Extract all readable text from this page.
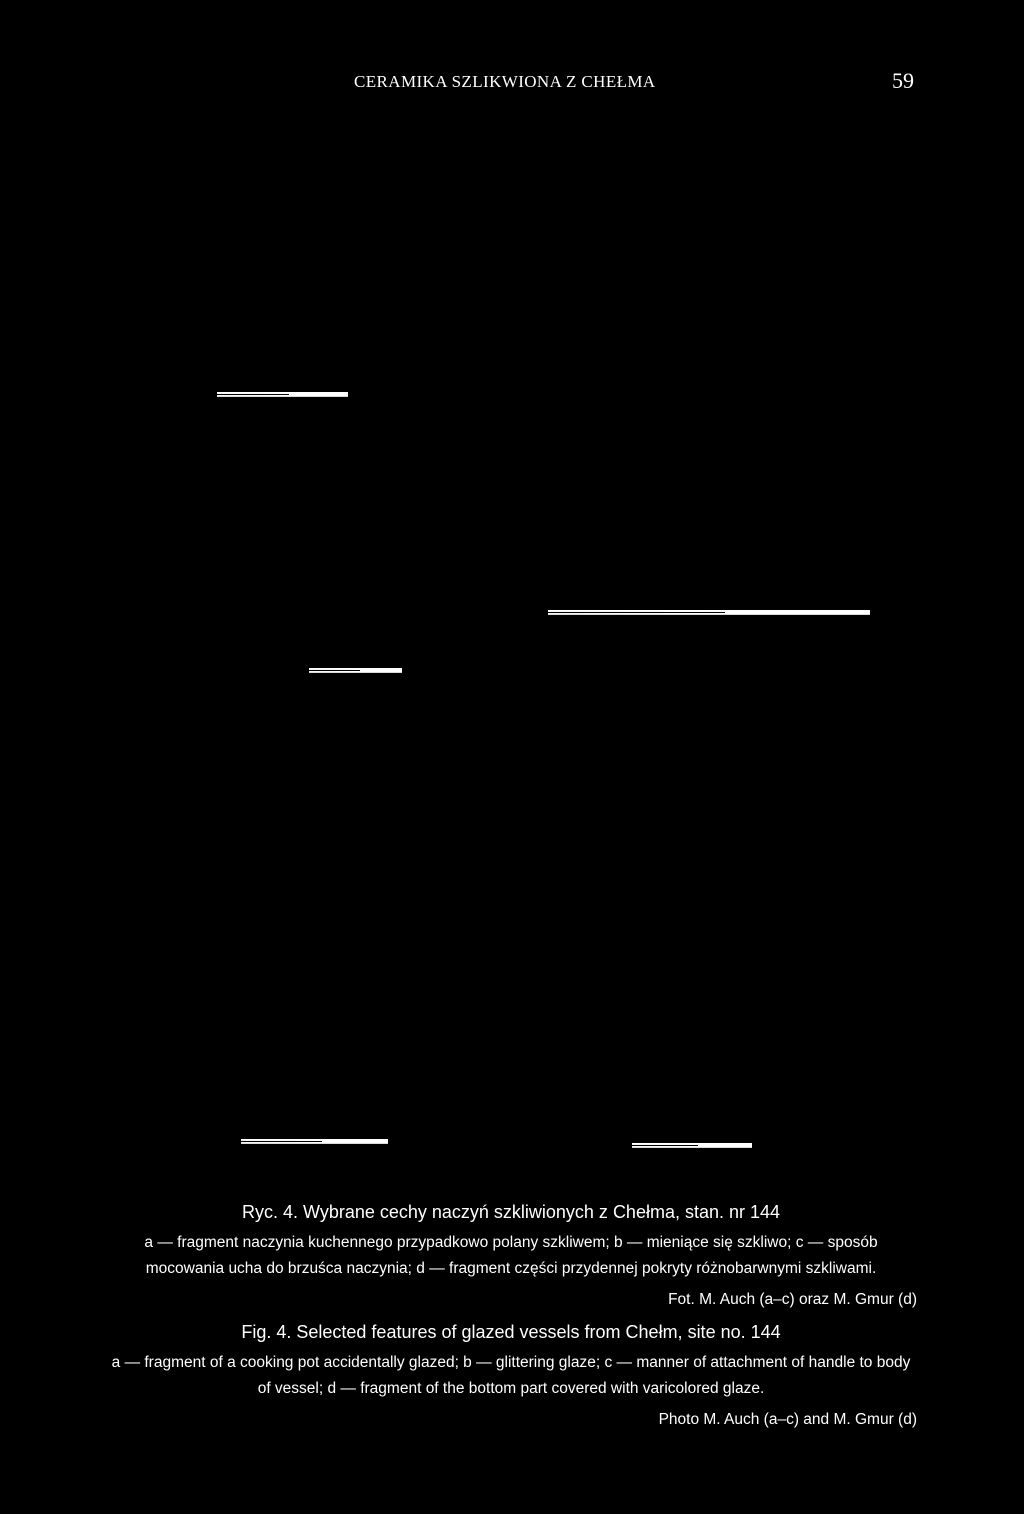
CERAMIKA SZLIKWIONA Z CHEŁMA	59

Ryc. 4. Wybrane cechy naczyń szkliwionych z Chełma, stan. nr 144

a — fragment naczynia kuchennego przypadkowo polany szkliwem; b — mieniące się szkliwo; c — sposób mocowania ucha do brzuśca naczynia; d — fragment części przydennej pokryty różnobarwnymi szkliwami.

Fot. M. Auch (a–c) oraz M. Gmur (d)

Fig. 4. Selected features of glazed vessels from Chełm, site no. 144

a — fragment of a cooking pot accidentally glazed; b — glittering glaze; c — manner of attachment of handle to body of vessel; d — fragment of the bottom part covered with varicolored glaze.

Photo M. Auch (a–c) and M. Gmur (d)
